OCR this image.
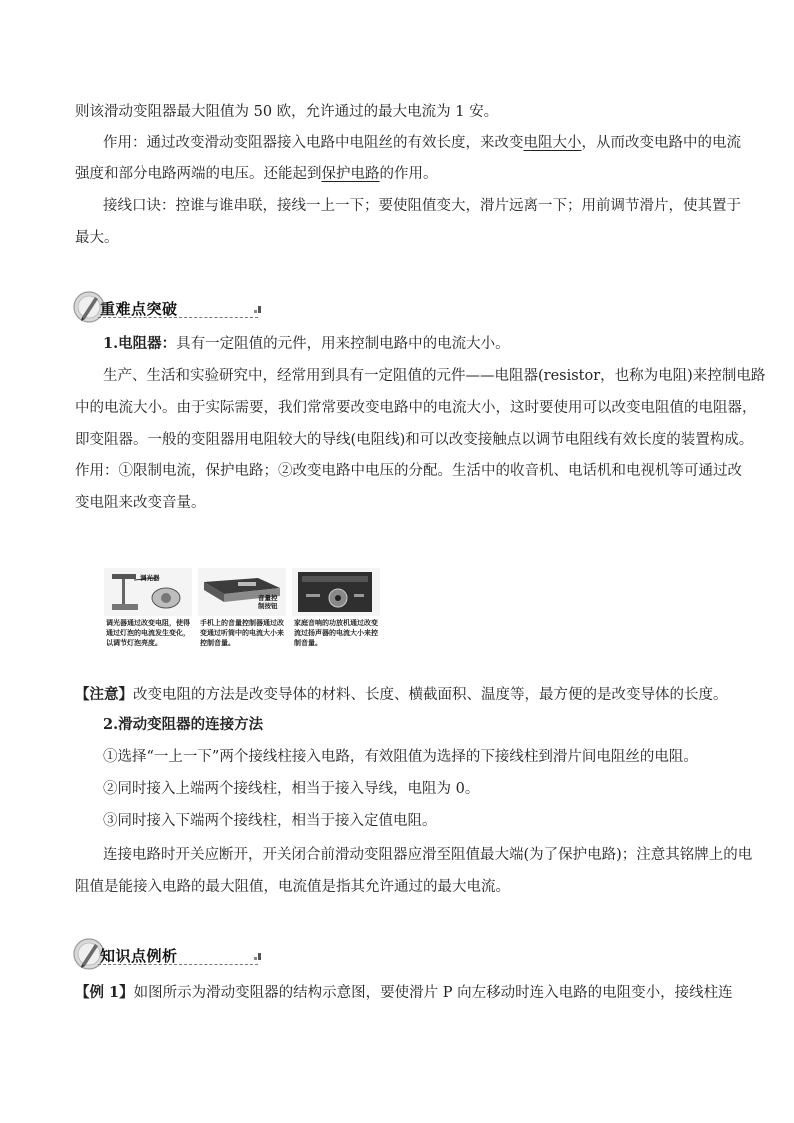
则该滑动变阻器最大阻值为 50 欧，允许通过的最大电流为 1 安。
作用：通过改变滑动变阻器接入电路中电阻丝的有效长度，来改变电阻大小，从而改变电路中的电流
强度和部分电路两端的电压。还能起到保护电路的作用。
接线口诀：控谁与谁串联，接线一上一下；要使阻值变大，滑片远离一下；用前调节滑片，使其置于
最大。
重难点突破
1.电阻器：具有一定阻值的元件，用来控制电路中的电流大小。
生产、生活和实验研究中，经常用到具有一定阻值的元件——电阻器(resistor，也称为电阻)来控制电路
中的电流大小。由于实际需要，我们常常要改变电路中的电流大小，这时要使用可以改变电阻值的电阻器，
即变阻器。一般的变阻器用电阻较大的导线(电阻线)和可以改变接触点以调节电阻线有效长度的装置构成。
作用：①限制电流，保护电路；②改变电路中电压的分配。生活中的收音机、电话机和电视机等可通过改
变电阻来改变音量。
调光器
调光器通过改变电阻，使得通过灯泡的电流发生变化，以调节灯泡亮度。
音量控
制按钮
手机上的音量控制器通过改变通过听筒中的电流大小来控制音量。
家庭音响的功放机通过改变流过扬声器的电流大小来控制音量。
【注意】改变电阻的方法是改变导体的材料、长度、横截面积、温度等，最方便的是改变导体的长度。
2.滑动变阻器的连接方法
①选择“一上一下”两个接线柱接入电路，有效阻值为选择的下接线柱到滑片间电阻丝的电阻。
②同时接入上端两个接线柱，相当于接入导线，电阻为 0。
③同时接入下端两个接线柱，相当于接入定值电阻。
连接电路时开关应断开，开关闭合前滑动变阻器应滑至阻值最大端(为了保护电路)；注意其铭牌上的电
阻值是能接入电路的最大阻值，电流值是指其允许通过的最大电流。
知识点例析
【例 1】如图所示为滑动变阻器的结构示意图，要使滑片 P 向左移动时连入电路的电阻变小，接线柱连
